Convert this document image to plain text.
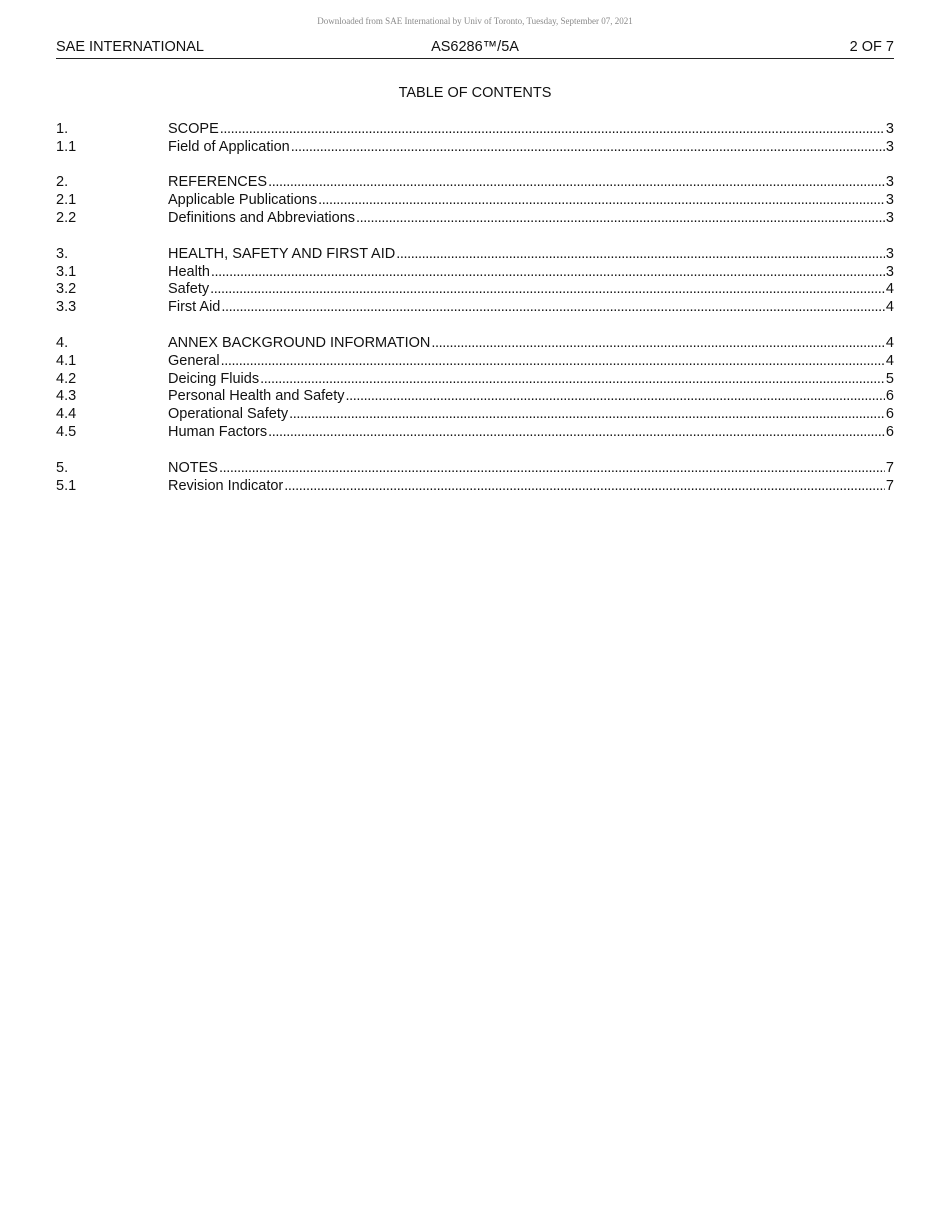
Downloaded from SAE International by Univ of Toronto, Tuesday, September 07, 2021
SAE INTERNATIONAL	AS6286™/5A	2 OF 7
TABLE OF CONTENTS
1.	SCOPE .....	3
1.1	Field of Application .....	3
2.	REFERENCES .....	3
2.1	Applicable Publications .....	3
2.2	Definitions and Abbreviations .....	3
3.	HEALTH, SAFETY AND FIRST AID .....	3
3.1	Health .....	3
3.2	Safety .....	4
3.3	First Aid .....	4
4.	ANNEX BACKGROUND INFORMATION .....	4
4.1	General .....	4
4.2	Deicing Fluids .....	5
4.3	Personal Health and Safety .....	6
4.4	Operational Safety .....	6
4.5	Human Factors .....	6
5.	NOTES .....	7
5.1	Revision Indicator .....	7
